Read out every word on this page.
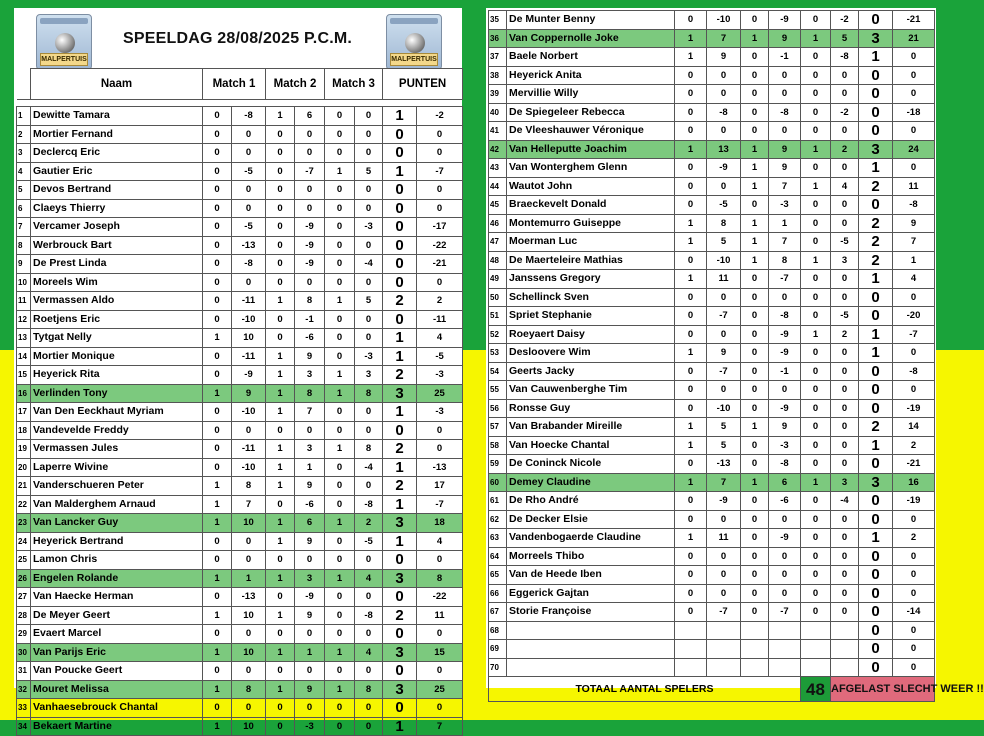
MALPERTUIS
SPEELDAG 28/08/2025 P.C.M.
MALPERTUIS
	Naam	Match 1		Match 2		Match 3		PUNTEN	

1	Dewitte Tamara	0	-8	1	6	0	0	1	-2
2	Mortier Fernand	0	0	0	0	0	0	0	0
3	Declercq Eric	0	0	0	0	0	0	0	0
4	Gautier Eric	0	-5	0	-7	1	5	1	-7
5	Devos Bertrand	0	0	0	0	0	0	0	0
6	Claeys Thierry	0	0	0	0	0	0	0	0
7	Vercamer Joseph	0	-5	0	-9	0	-3	0	-17
8	Werbrouck Bart	0	-13	0	-9	0	0	0	-22
9	De Prest Linda	0	-8	0	-9	0	-4	0	-21
10	Moreels Wim	0	0	0	0	0	0	0	0
11	Vermassen Aldo	0	-11	1	8	1	5	2	2
12	Roetjens Eric	0	-10	0	-1	0	0	0	-11
13	Tytgat Nelly	1	10	0	-6	0	0	1	4
14	Mortier Monique	0	-11	1	9	0	-3	1	-5
15	Heyerick Rita	0	-9	1	3	1	3	2	-3
16	Verlinden Tony	1	9	1	8	1	8	3	25
17	Van Den Eeckhaut Myriam	0	-10	1	7	0	0	1	-3
18	Vandevelde Freddy	0	0	0	0	0	0	0	0
19	Vermassen Jules	0	-11	1	3	1	8	2	0
20	Laperre Wivine	0	-10	1	1	0	-4	1	-13
21	Vanderschueren Peter	1	8	1	9	0	0	2	17
22	Van Malderghem Arnaud	1	7	0	-6	0	-8	1	-7
23	Van Lancker Guy	1	10	1	6	1	2	3	18
24	Heyerick Bertrand	0	0	1	9	0	-5	1	4
25	Lamon Chris	0	0	0	0	0	0	0	0
26	Engelen Rolande	1	1	1	3	1	4	3	8
27	Van Haecke Herman	0	-13	0	-9	0	0	0	-22
28	De Meyer Geert	1	10	1	9	0	-8	2	11
29	Evaert Marcel	0	0	0	0	0	0	0	0
30	Van Parijs Eric	1	10	1	1	1	4	3	15
31	Van Poucke Geert	0	0	0	0	0	0	0	0
32	Mouret Melissa	1	8	1	9	1	8	3	25
33	Vanhaesebrouck Chantal	0	0	0	0	0	0	0	0
34	Bekaert Martine	1	10	0	-3	0	0	1	7
35	De Munter Benny	0	-10	0	-9	0	-2	0	-21
36	Van Coppernolle Joke	1	7	1	9	1	5	3	21
37	Baele Norbert	1	9	0	-1	0	-8	1	0
38	Heyerick Anita	0	0	0	0	0	0	0	0
39	Mervillie Willy	0	0	0	0	0	0	0	0
40	De Spiegeleer Rebecca	0	-8	0	-8	0	-2	0	-18
41	De Vleeshauwer Véronique	0	0	0	0	0	0	0	0
42	Van Helleputte Joachim	1	13	1	9	1	2	3	24
43	Van Wonterghem Glenn	0	-9	1	9	0	0	1	0
44	Wautot John	0	0	1	7	1	4	2	11
45	Braeckevelt Donald	0	-5	0	-3	0	0	0	-8
46	Montemurro Guiseppe	1	8	1	1	0	0	2	9
47	Moerman Luc	1	5	1	7	0	-5	2	7
48	De Maerteleire Mathias	0	-10	1	8	1	3	2	1
49	Janssens Gregory	1	11	0	-7	0	0	1	4
50	Schellinck Sven	0	0	0	0	0	0	0	0
51	Spriet Stephanie	0	-7	0	-8	0	-5	0	-20
52	Roeyaert Daisy	0	0	0	-9	1	2	1	-7
53	Desloovere Wim	1	9	0	-9	0	0	1	0
54	Geerts Jacky	0	-7	0	-1	0	0	0	-8
55	Van Cauwenberghe Tim	0	0	0	0	0	0	0	0
56	Ronsse Guy	0	-10	0	-9	0	0	0	-19
57	Van Brabander Mireille	1	5	1	9	0	0	2	14
58	Van Hoecke Chantal	1	5	0	-3	0	0	1	2
59	De Coninck Nicole	0	-13	0	-8	0	0	0	-21
60	Demey Claudine	1	7	1	6	1	3	3	16
61	De Rho André	0	-9	0	-6	0	-4	0	-19
62	De Decker Elsie	0	0	0	0	0	0	0	0
63	Vandenbogaerde Claudine	1	11	0	-9	0	0	1	2
64	Morreels Thibo	0	0	0	0	0	0	0	0
65	Van de Heede Iben	0	0	0	0	0	0	0	0
66	Eggerick Gajtan	0	0	0	0	0	0	0	0
67	Storie Françoise	0	-7	0	-7	0	0	0	-14
68								0	0
69								0	0
70								0	0
TOTAAL AANTAL SPELERS						48	AFGELAST SLECHT WEER !!		
